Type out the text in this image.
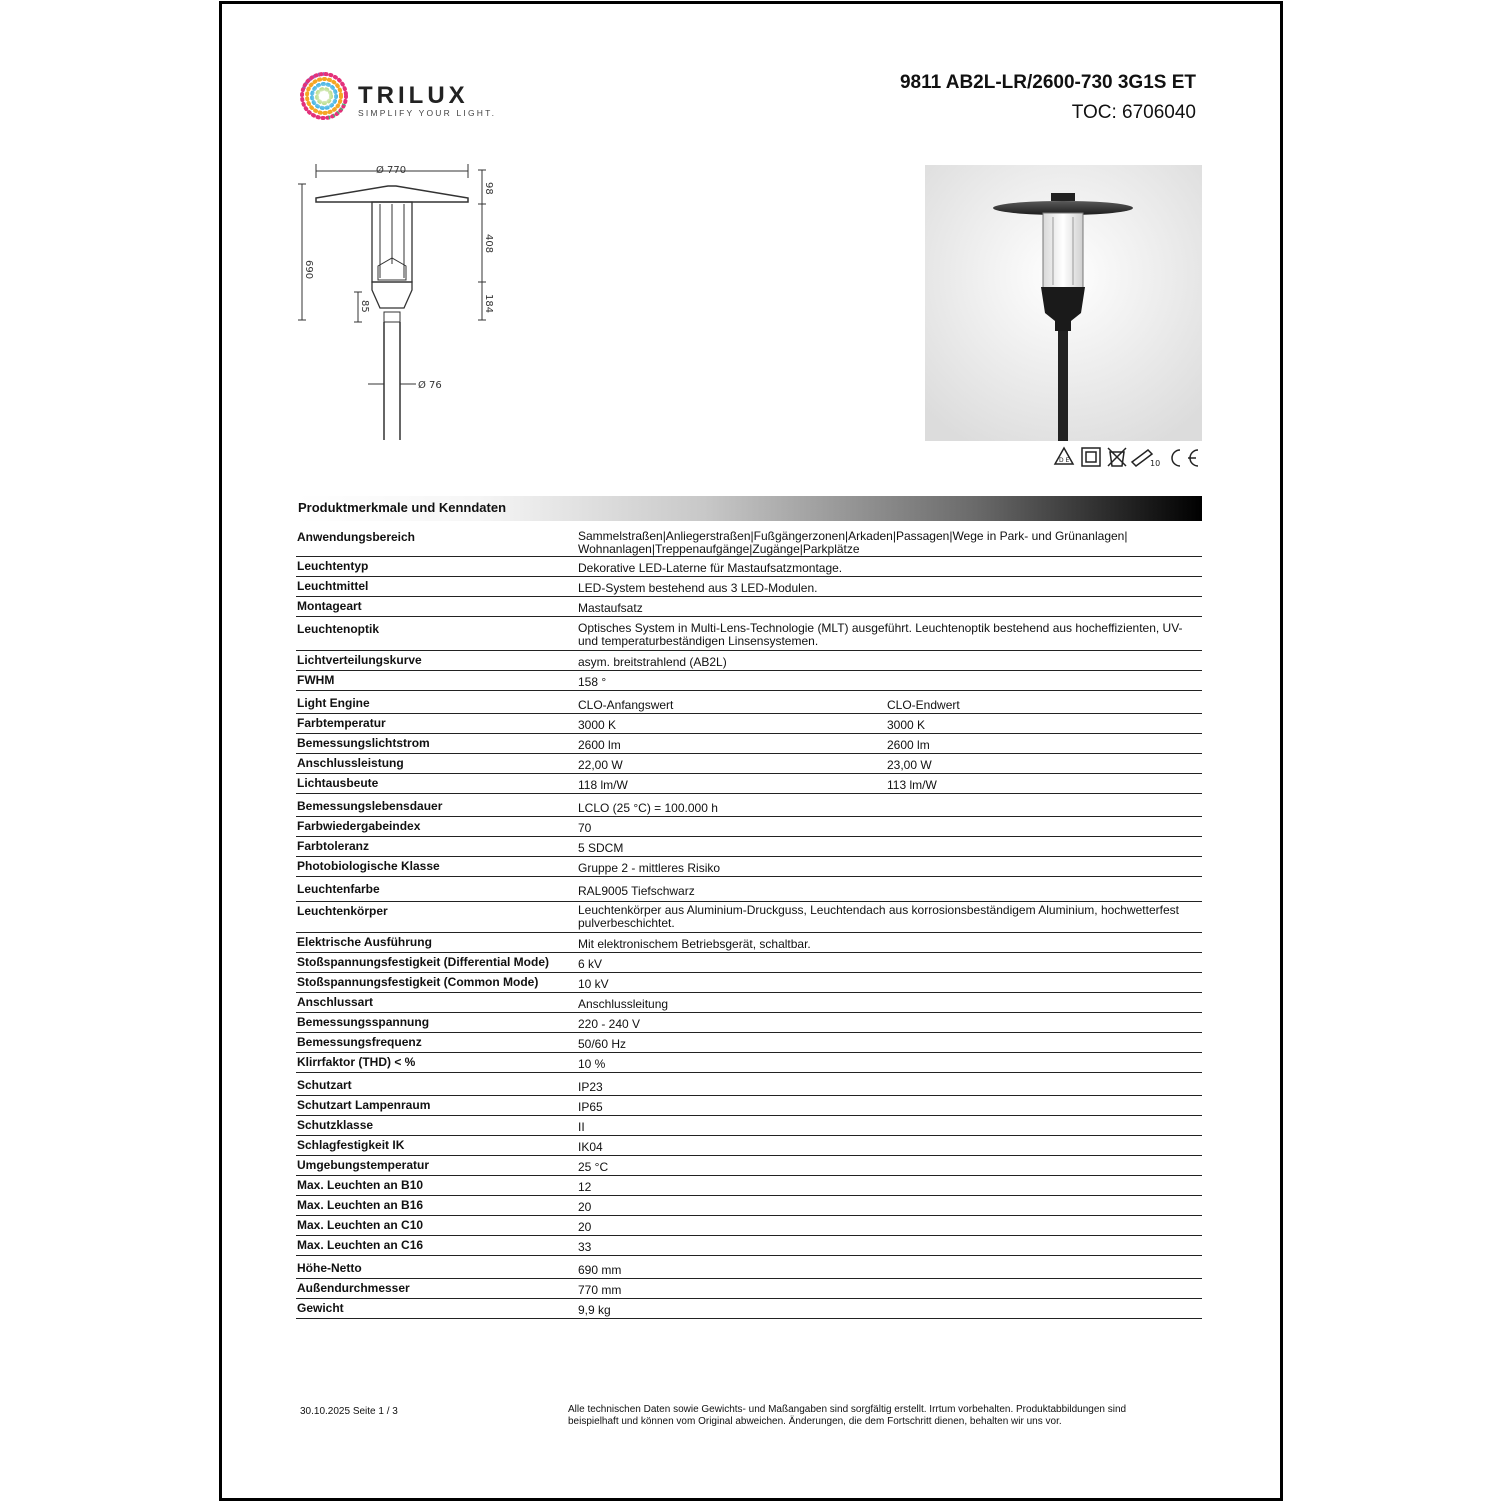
TRILUX
SIMPLIFY YOUR LIGHT.
9811 AB2L-LR/2600-730 3G1S ET
TOC: 6706040
Ø 770
690
98
408
184
85
Ø 76
D E	10
Produktmerkmale und Kenndaten
Anwendungsbereich	Sammelstraßen|Anliegerstraßen|Fußgängerzonen|Arkaden|Passagen|Wege in Park- und Grünanlagen| Wohnanlagen|Treppenaufgänge|Zugänge|Parkplätze
Leuchtentyp	Dekorative LED-Laterne für Mastaufsatzmontage.
Leuchtmittel	LED-System bestehend aus 3 LED-Modulen.
Montageart	Mastaufsatz
Leuchtenoptik	Optisches System in Multi-Lens-Technologie (MLT) ausgeführt. Leuchtenoptik bestehend aus hocheffizienten, UV- und temperaturbeständigen Linsensystemen.
Lichtverteilungskurve	asym. breitstrahlend (AB2L)
FWHM	158 °
Light Engine	CLO-Anfangswert	CLO-Endwert
Farbtemperatur	3000 K	3000 K
Bemessungslichtstrom	2600 lm	2600 lm
Anschlussleistung	22,00 W	23,00 W
Lichtausbeute	118 lm/W	113 lm/W
Bemessungslebensdauer	LCLO (25 °C) = 100.000 h
Farbwiedergabeindex	70
Farbtoleranz	5 SDCM
Photobiologische Klasse	Gruppe 2 - mittleres Risiko
Leuchtenfarbe	RAL9005 Tiefschwarz
Leuchtenkörper	Leuchtenkörper aus Aluminium-Druckguss, Leuchtendach aus korrosionsbeständigem Aluminium, hochwetterfest pulverbeschichtet.
Elektrische Ausführung	Mit elektronischem Betriebsgerät, schaltbar.
Stoßspannungsfestigkeit (Differential Mode) 6 kV
Stoßspannungsfestigkeit (Common Mode)	10 kV
Anschlussart	Anschlussleitung
Bemessungsspannung	220 - 240 V
Bemessungsfrequenz	50/60 Hz
Klirrfaktor (THD) < %	10 %
Schutzart	IP23
Schutzart Lampenraum	IP65
Schutzklasse	II
Schlagfestigkeit IK	IK04
Umgebungstemperatur	25 °C
Max. Leuchten an B10	12
Max. Leuchten an B16	20
Max. Leuchten an C10	20
Max. Leuchten an C16	33
Höhe-Netto	690 mm
Außendurchmesser	770 mm
Gewicht	9,9 kg
30.10.2025 Seite 1 / 3	Alle technischen Daten sowie Gewichts- und Maßangaben sind sorgfältig erstellt. Irrtum vorbehalten. Produktabbildungen sind beispielhaft und können vom Original abweichen. Änderungen, die dem Fortschritt dienen, behalten wir uns vor.
